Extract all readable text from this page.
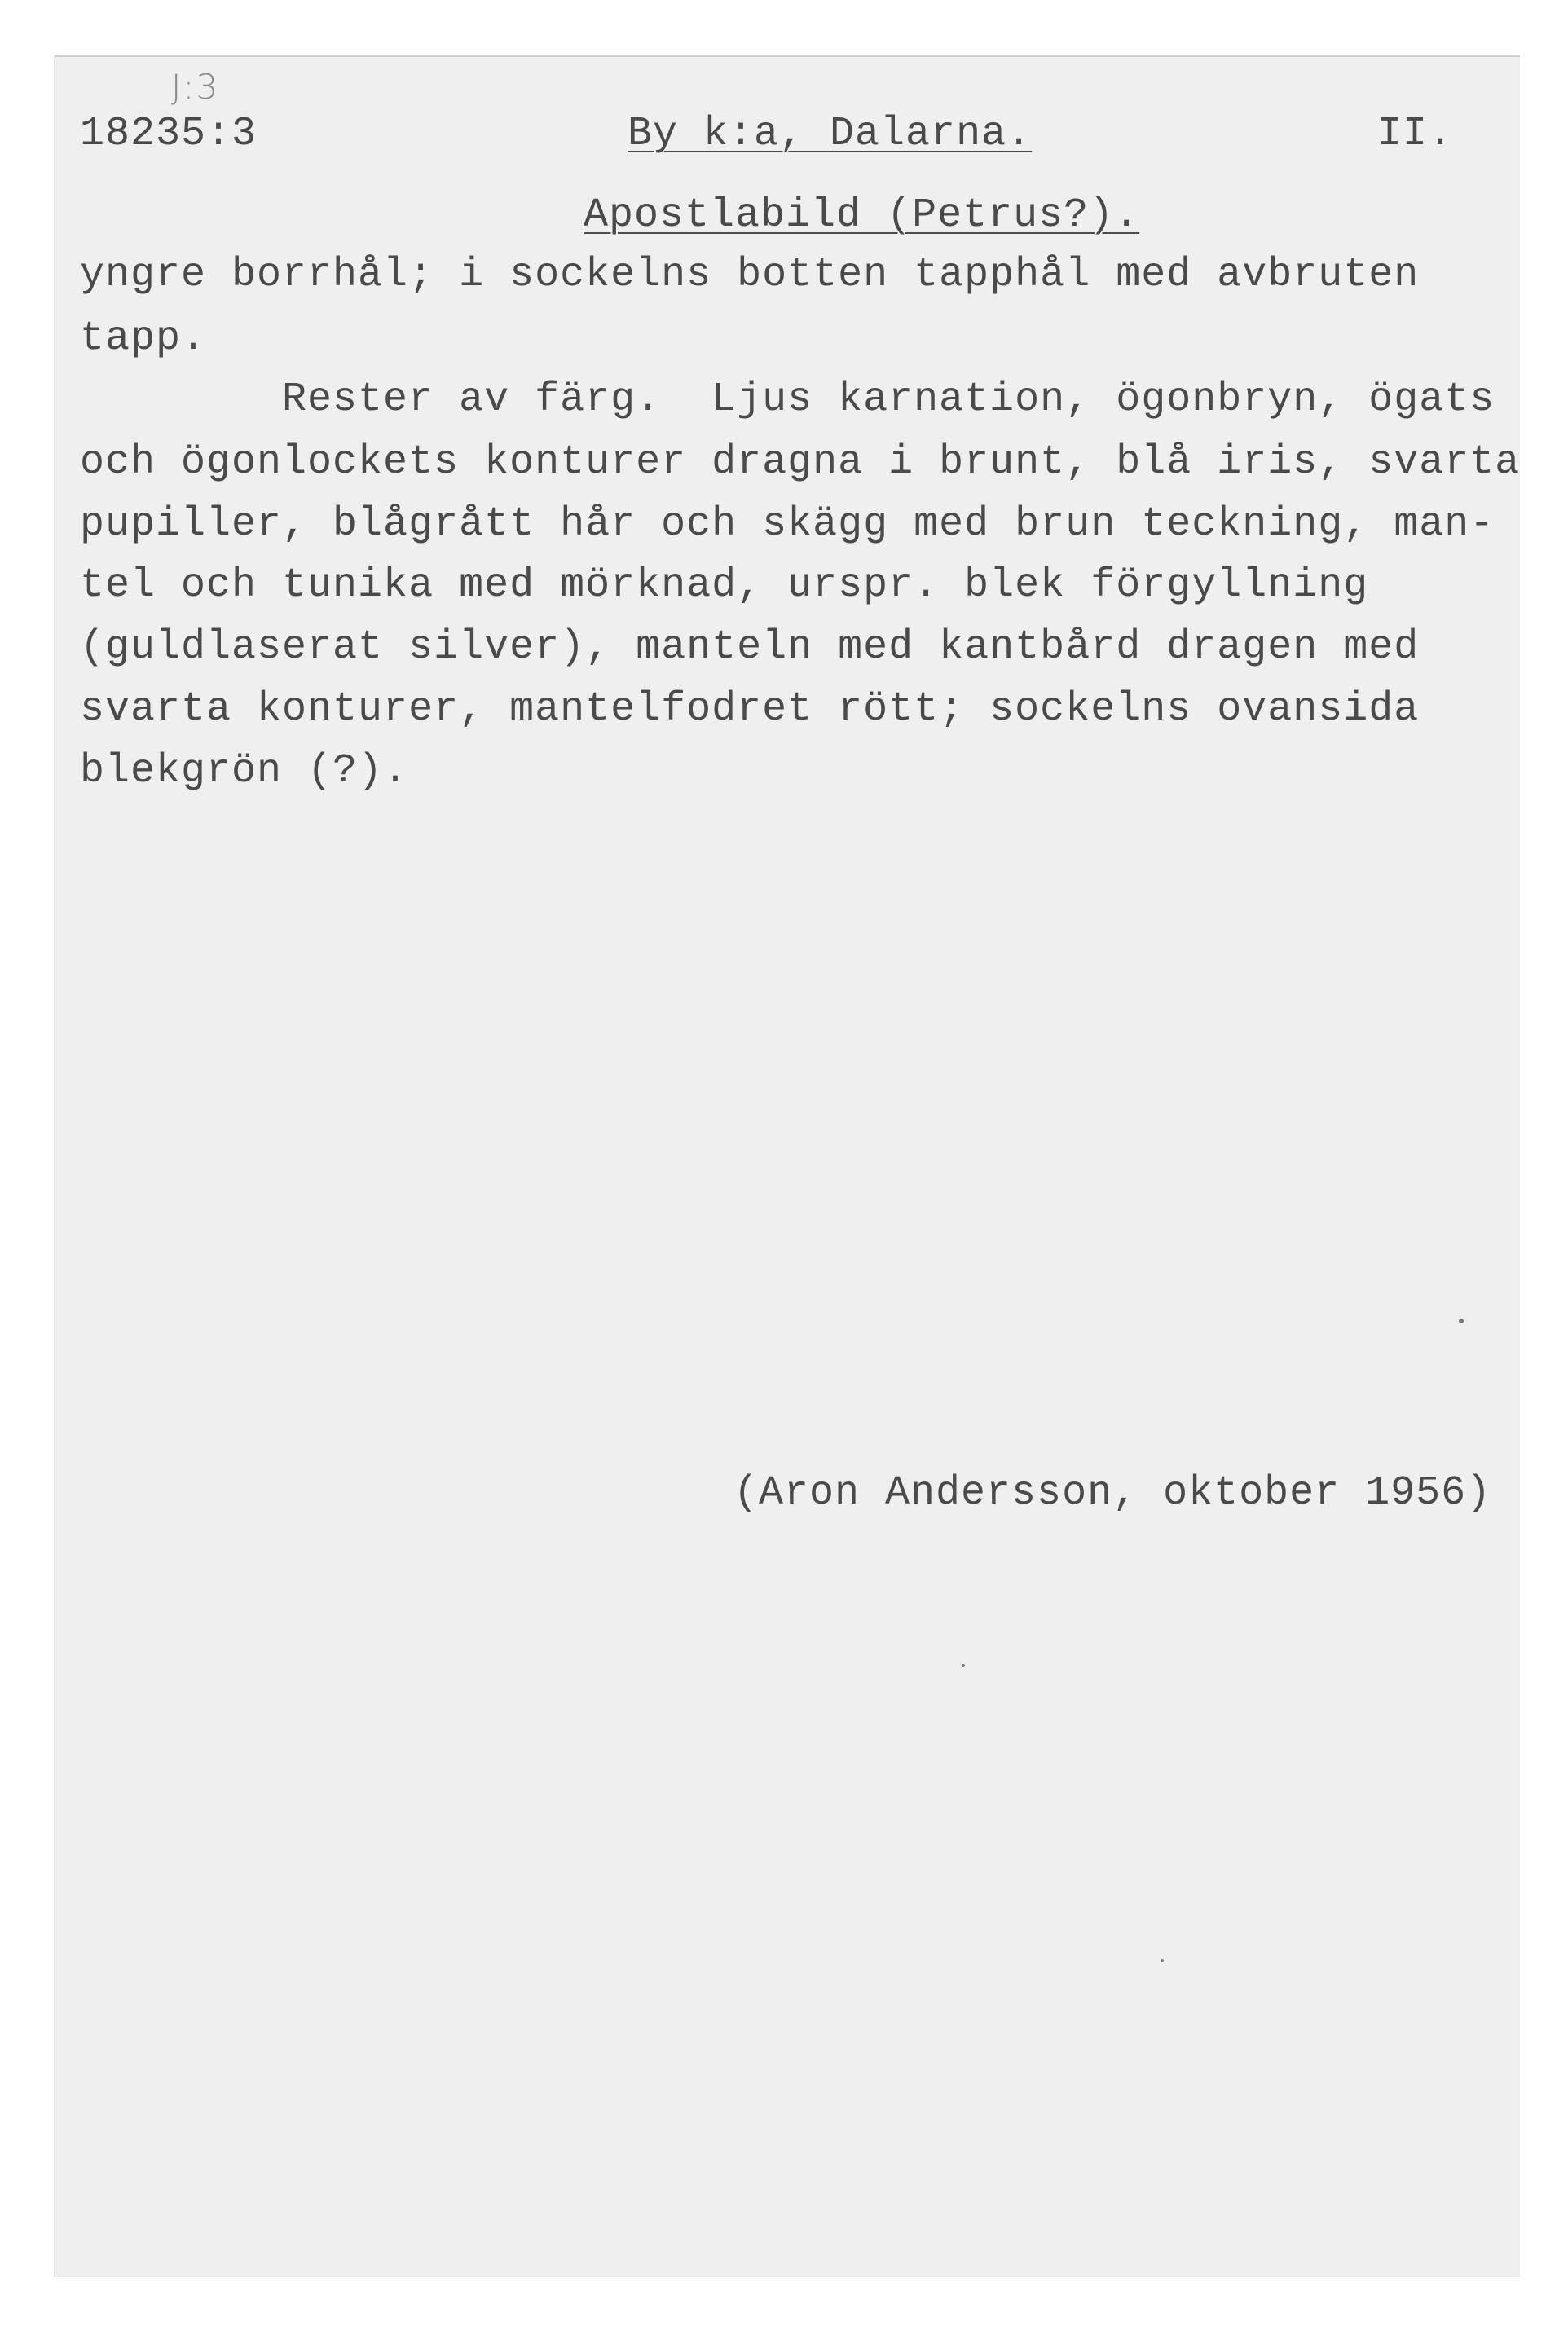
J:3
18235:3	By k:a, Dalarna.	II.
Apostlabild (Petrus?).
yngre borrhål; i sockelns botten tapphål med avbruten
tapp.
Rester av färg.  Ljus karnation, ögonbryn, ögats
och ögonlockets konturer dragna i brunt, blå iris, svarta
pupiller, blågrått hår och skägg med brun teckning, man-
tel och tunika med mörknad, urspr. blek förgyllning
(guldlaserat silver), manteln med kantbård dragen med
svarta konturer, mantelfodret rött; sockelns ovansida
blekgrön (?).
(Aron Andersson, oktober 1956)
